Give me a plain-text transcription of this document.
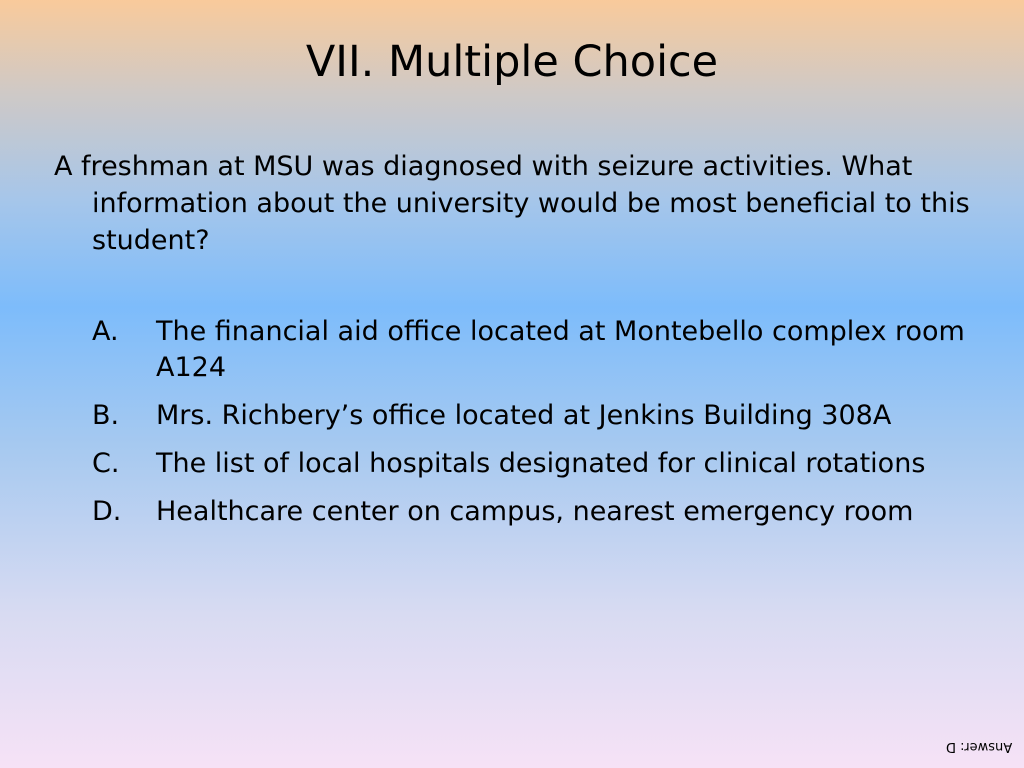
VII. Multiple Choice

A freshman at MSU was diagnosed with seizure activities. What information about the university would be most beneficial to this student?

A. The financial aid office located at Montebello complex room A124
B. Mrs. Richbery’s office located at Jenkins Building 308A
C. The list of local hospitals designated for clinical rotations
D. Healthcare center on campus, nearest emergency room
Answer: D
